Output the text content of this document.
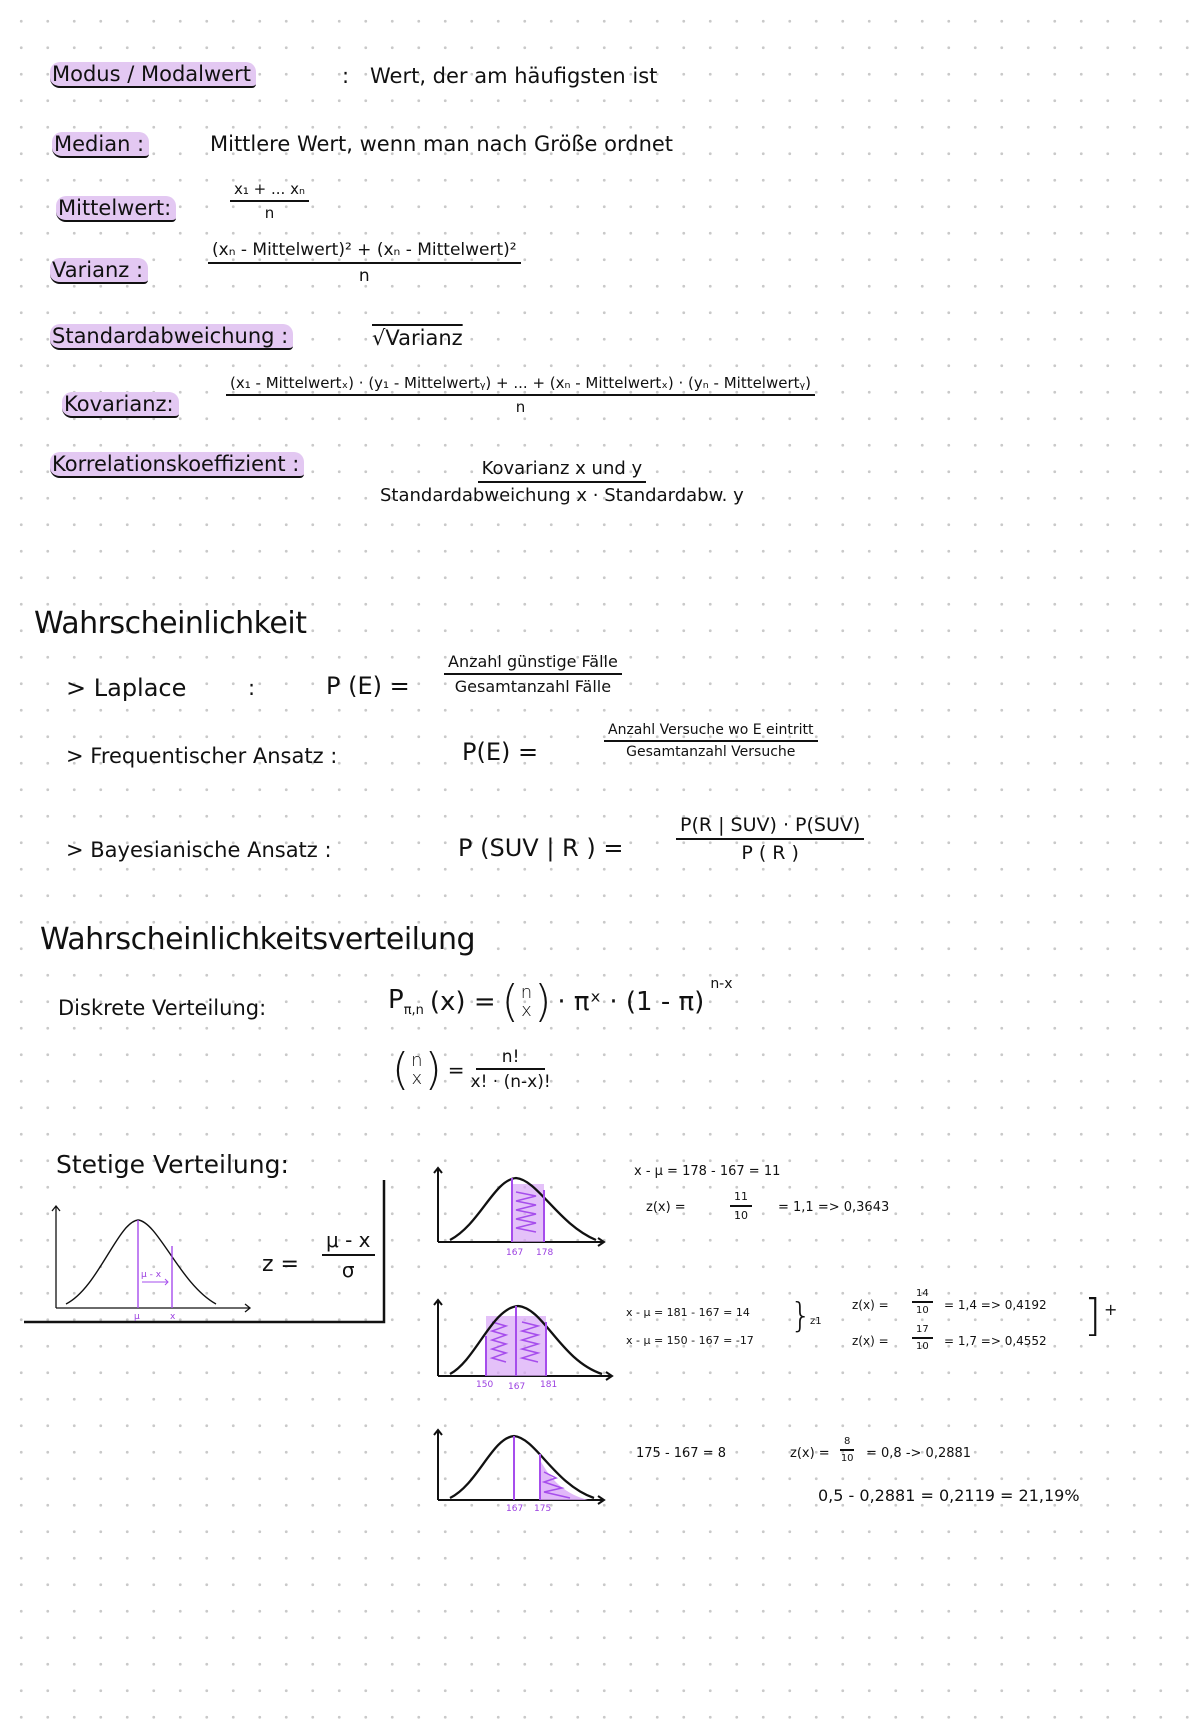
Modus / Modalwert	: Wert, der am häufigsten ist
Median :	Mittlere Wert, wenn man nach Größe ordnet
Mittelwert:	$\frac{\text{x₁ + ... xₙ}}{n}$
Varianz :
(xₙ - Mittelwert)² + (xₙ - Mittelwert)²
n
Standardabweichung :	√Varianz
Kovarianz:
(x₁ - Mittelwertₓ) · (y₁ - Mittelwertᵧ) + ... + (xₙ - Mittelwertₓ) · (yₙ - Mittelwertᵧ)
n
Korrelationskoeffizient :	Kovarianz x und y
Standardabweichung x · Standardabw. y
Wahrscheinlichkeit
> Laplace	:	P (E) =
Anzahl günstige Fälle
Gesamtanzahl Fälle
> Frequentischer Ansatz :	P(E) =
Anzahl Versuche wo E eintritt
Gesamtanzahl Versuche
> Bayesianische Ansatz :	P (SUV | R ) =
P(R | SUV) · P(SUV)
P ( R )
Wahrscheinlichkeitsverteilung
Diskrete Verteilung:	$P_{\pi,n}$ (x) = ( n
x ) · πˣ · (1 - π)
$^{n-x}$
( n
x ) = $\frac{n!}{x! \cdot (n-x)!}$
Stetige Verteilung:
μ - x
μ	x
$z = \frac{\mu - x}{\sigma}$	167 178
x - μ = 178 - 167 = 11
z(x) =	$\frac{11}{10} = 1,1 => 0,3643$
150 167 181
x - μ = 181 - 167 = 14
x - μ = 150 - 167 = -17
}
z1
$z(x) = \frac{14}{10} = 1,4 => 0,4192$
$z(x) = \frac{17}{10} = 1,7 => 0,4552$ ] +
167 175
175 - 167 = 8	$z(x) = \frac{8}{10} = 0,8 -> 0,2881$
0,5 - 0,2881 = 0,2119 = 21,19%
